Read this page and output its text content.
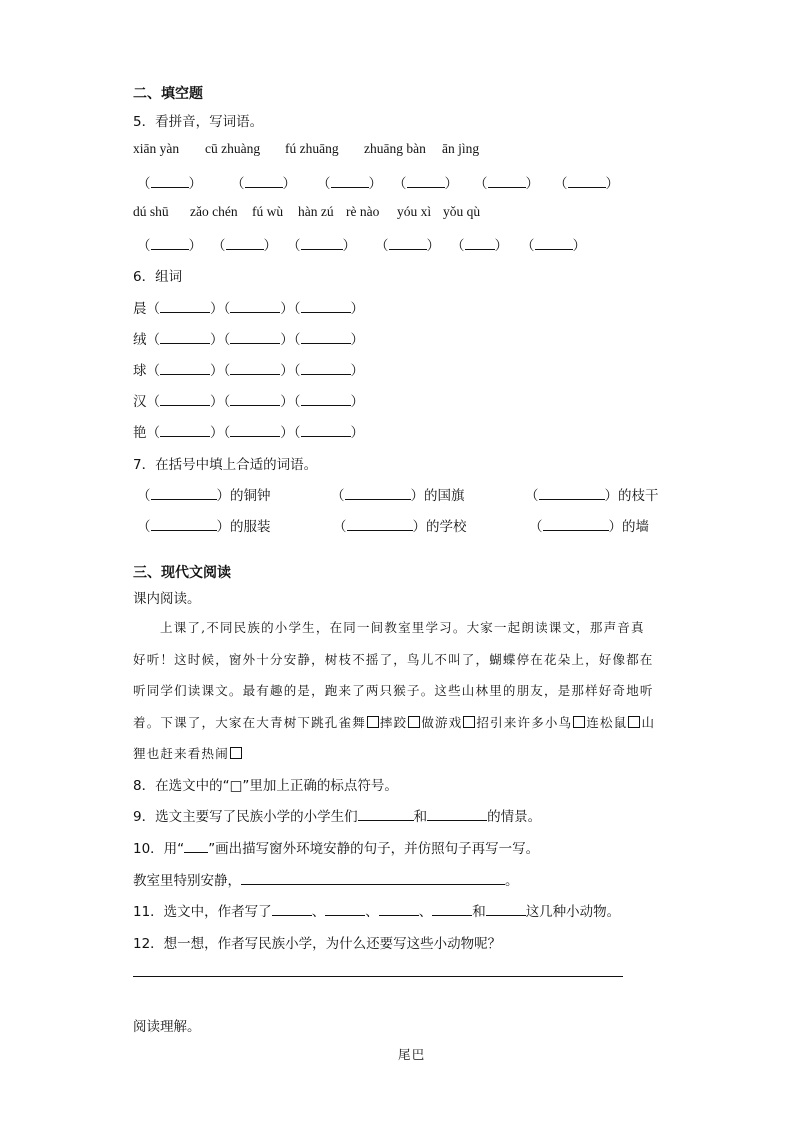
二、填空题
5．看拼音，写词语。
xiān yàn cū zhuàng fú zhuāng zhuāng bàn ān jìng
（	） （	） （	） （	） （	） （	）
dú shū zǎo chén fú wù hàn zú rè nào yóu xì yǒu qù
（	） （	） （	） （	） （ ） （	）
6．组词
晨（	）（	）（	）
绒（	）（	）（	）
球（	）（	）（	）
汉（	）（	）（	）
艳（	）（	）（	）
7．在括号中填上合适的词语。
（	）的铜钟	（	）的国旗	（	）的枝干
（	）的服装	（	）的学校	（	）的墙
三、现代文阅读
课内阅读。
上课了,不同民族的小学生，在同一间教室里学习。大家一起朗读课文，那声音真
好听！这时候，窗外十分安静，树枝不摇了，鸟儿不叫了，蝴蝶停在花朵上，好像都在
听同学们读课文。最有趣的是，跑来了两只猴子。这些山林里的朋友，是那样好奇地听
着。下课了，大家在大青树下跳孔雀舞 摔跤 做游戏 招引来许多小鸟 连松鼠 山
狸也赶来看热闹
8．在选文中的“□”里加上正确的标点符号。
9．选文主要写了民族小学的小学生们	和	的情景。
10．用“ ”画出描写窗外环境安静的句子，并仿照句子再写一写。
教室里特别安静，	。
11．选文中，作者写了	、	、	、	和	这几种小动物。
12．想一想，作者写民族小学，为什么还要写这些小动物呢？
阅读理解。
尾巴
